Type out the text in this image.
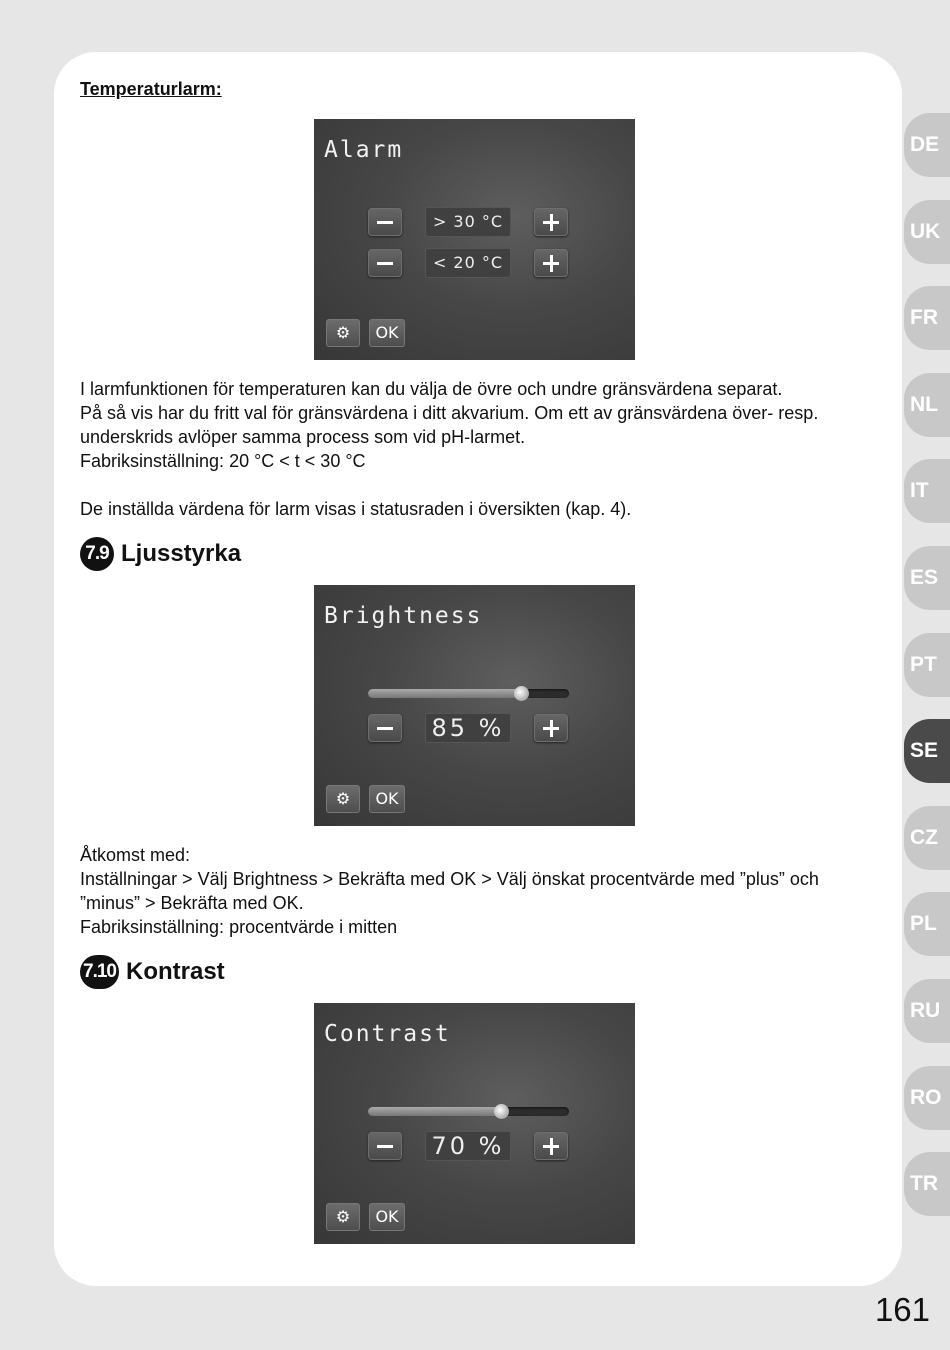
Temperaturlarm:
Alarm
> 30 °C
< 20 °C
⚙	OK
I larmfunktionen för temperaturen kan du välja de övre och undre gränsvärdena separat.
På så vis har du fritt val för gränsvärdena i ditt akvarium. Om ett av gränsvärdena över- resp.
underskrids avlöper samma process som vid pH-larmet.
Fabriksinställning: 20 °C < t < 30 °C
De inställda värdena för larm visas i statusraden i översikten (kap. 4).
7.9 Ljusstyrka
Brightness
85 %
⚙	OK
Åtkomst med:
Inställningar > Välj Brightness > Bekräfta med OK > Välj önskat procentvärde med ”plus” och
”minus” > Bekräfta med OK.
Fabriksinställning: procentvärde i mitten
7.10 Kontrast
Contrast
70 %
⚙	OK
DE
UK
FR
NL
IT
ES
PT
SE
CZ
PL
RU
RO
TR
161
